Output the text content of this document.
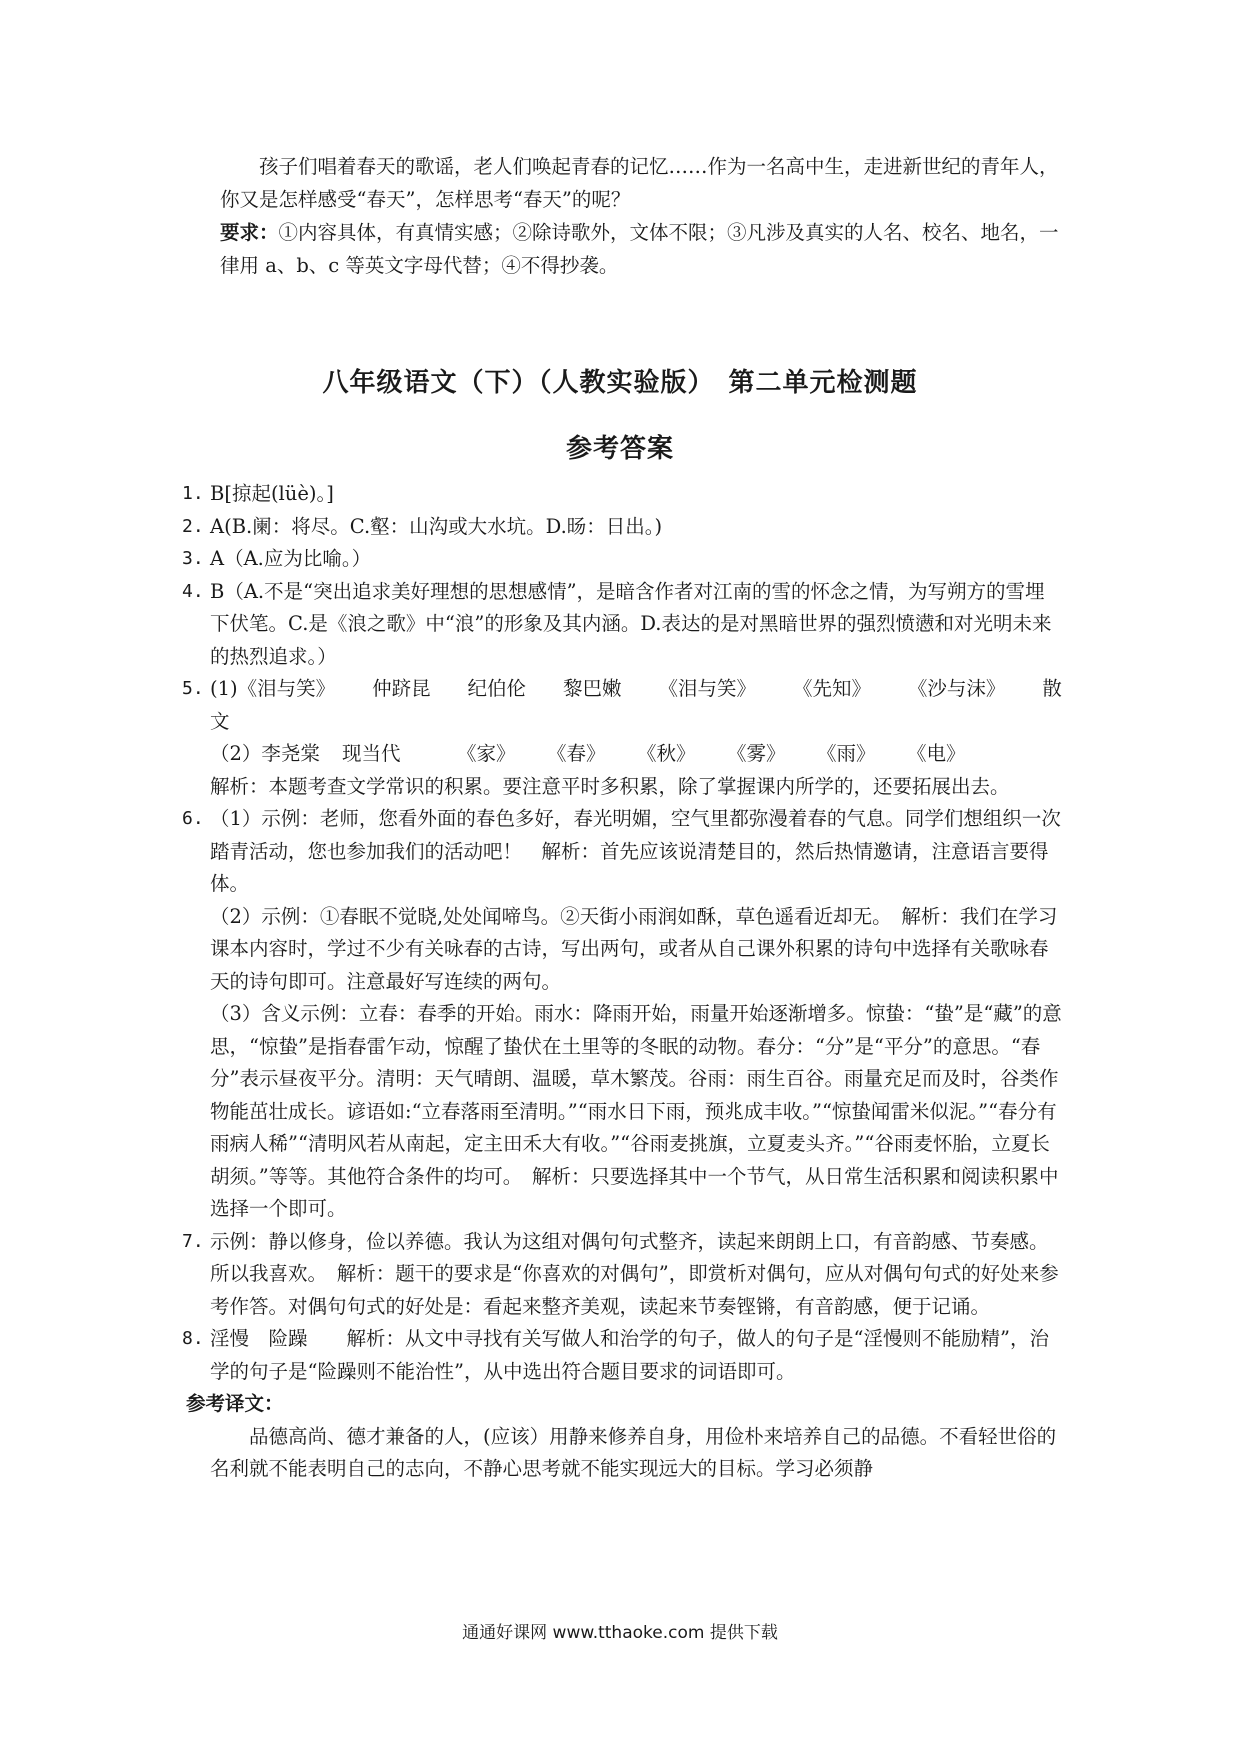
孩子们唱着春天的歌谣，老人们唤起青春的记忆……作为一名高中生，走进新世纪的青年人，你又是怎样感受“春天”，怎样思考“春天”的呢？

要求：①内容具体，有真情实感；②除诗歌外，文体不限；③凡涉及真实的人名、校名、地名，一律用 a、b、c 等英文字母代替；④不得抄袭。

八年级语文（下）（人教实验版）　第二单元检测题
参考答案
1. B[掠起(lüè)。]
2. A(B.阑：将尽。C.壑：山沟或大水坑。D.旸：日出。)
3. A（A.应为比喻。）
4. B（A.不是“突出追求美好理想的思想感情”，是暗含作者对江南的雪的怀念之情，为写朔方的雪埋下伏笔。C.是《浪之歌》中“浪”的形象及其内涵。D.表达的是对黑暗世界的强烈愤懑和对光明未来的热烈追求。）
5. (1)《泪与笑》 仲跻昆 纪伯伦 黎巴嫩 《泪与笑》 《先知》 《沙与沫》 散
文
（2）李尧棠	现当代	《家》	《春》	《秋》	《雾》	《雨》	《电》
解析：本题考查文学常识的积累。要注意平时多积累，除了掌握课内所学的，还要拓展出去。
6. （1）示例：老师，您看外面的春色多好，春光明媚，空气里都弥漫着春的气息。同学们想组织一次踏青活动，您也参加我们的活动吧！　解析：首先应该说清楚目的，然后热情邀请，注意语言要得体。
（2）示例：①春眠不觉晓,处处闻啼鸟。②天街小雨润如酥，草色遥看近却无。　解析：我们在学习课本内容时，学过不少有关咏春的古诗，写出两句，或者从自己课外积累的诗句中选择有关歌咏春天的诗句即可。注意最好写连续的两句。
（3）含义示例：立春：春季的开始。雨水：降雨开始，雨量开始逐渐增多。惊蛰：“蛰”是“藏”的意思，“惊蛰”是指春雷乍动，惊醒了蛰伏在土里等的冬眠的动物。春分：“分”是“平分”的意思。“春分”表示昼夜平分。清明：天气晴朗、温暖，草木繁茂。谷雨：雨生百谷。雨量充足而及时，谷类作物能茁壮成长。谚语如:“立春落雨至清明。”“雨水日下雨，预兆成丰收。”“惊蛰闻雷米似泥。”“春分有雨病人稀”“清明风若从南起，定主田禾大有收。”“谷雨麦挑旗，立夏麦头齐。”“谷雨麦怀胎，立夏长胡须。”等等。其他符合条件的均可。　解析：只要选择其中一个节气，从日常生活积累和阅读积累中选择一个即可。
7. 示例：静以修身，俭以养德。我认为这组对偶句句式整齐，读起来朗朗上口，有音韵感、节奏感。所以我喜欢。　解析：题干的要求是“你喜欢的对偶句”，即赏析对偶句，应从对偶句句式的好处来参考作答。对偶句句式的好处是：看起来整齐美观，读起来节奏铿锵，有音韵感，便于记诵。
8. 淫慢　险躁　　解析：从文中寻找有关写做人和治学的句子，做人的句子是“淫慢则不能励精”，治学的句子是“险躁则不能治性”，从中选出符合题目要求的词语即可。
参考译文：
品德高尚、德才兼备的人，(应该）用静来修养自身，用俭朴来培养自己的品德。不看轻世俗的名利就不能表明自己的志向，不静心思考就不能实现远大的目标。学习必须静
通通好课网 www.tthaoke.com 提供下载
